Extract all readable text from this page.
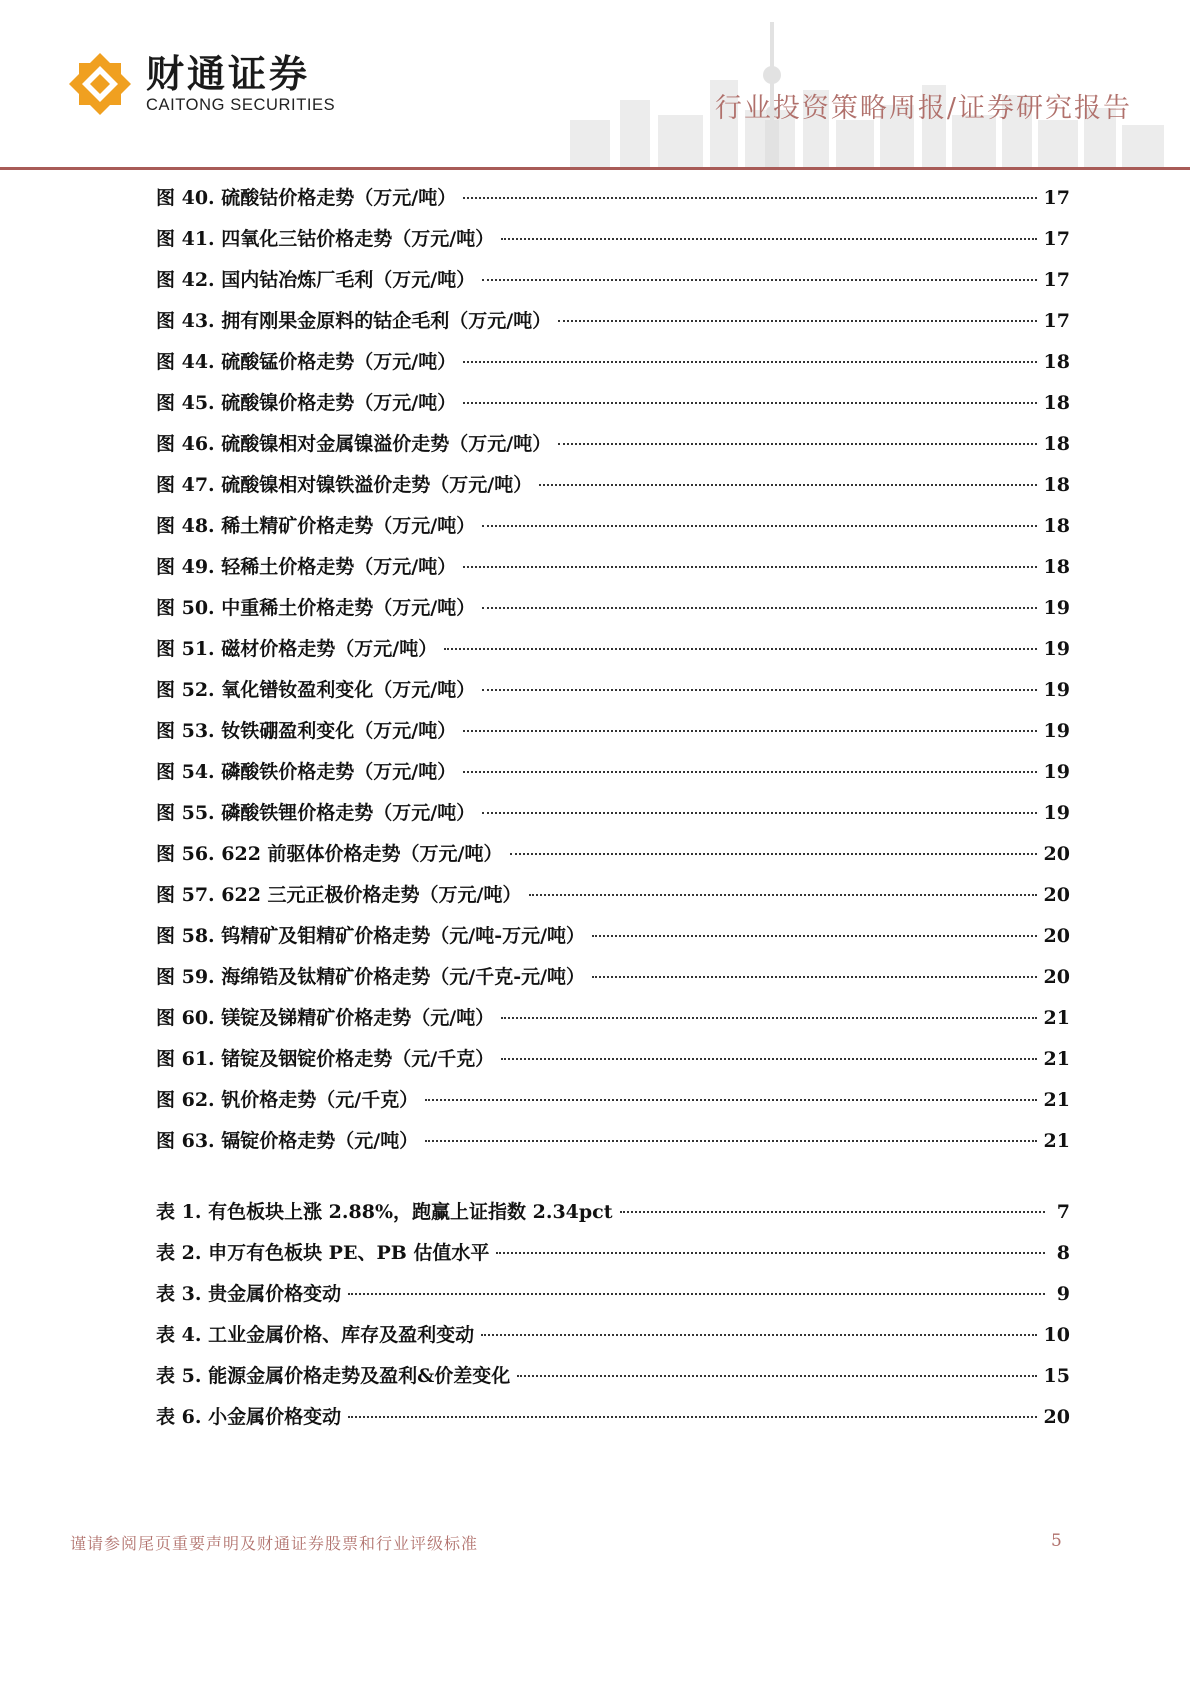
财通证券
CAITONG SECURITIES	行业投资策略周报/证券研究报告
图 40. 硫酸钴价格走势（万元/吨）	17
图 41. 四氧化三钴价格走势（万元/吨）	17
图 42. 国内钴冶炼厂毛利（万元/吨）	17
图 43. 拥有刚果金原料的钴企毛利（万元/吨）	17
图 44. 硫酸锰价格走势（万元/吨）	18
图 45. 硫酸镍价格走势（万元/吨）	18
图 46. 硫酸镍相对金属镍溢价走势（万元/吨）	18
图 47. 硫酸镍相对镍铁溢价走势（万元/吨）	18
图 48. 稀土精矿价格走势（万元/吨）	18
图 49. 轻稀土价格走势（万元/吨）	18
图 50. 中重稀土价格走势（万元/吨）	19
图 51. 磁材价格走势（万元/吨）	19
图 52. 氧化镨钕盈利变化（万元/吨）	19
图 53. 钕铁硼盈利变化（万元/吨）	19
图 54. 磷酸铁价格走势（万元/吨）	19
图 55. 磷酸铁锂价格走势（万元/吨）	19
图 56. 622 前驱体价格走势（万元/吨）	20
图 57. 622 三元正极价格走势（万元/吨）	20
图 58. 钨精矿及钼精矿价格走势（元/吨-万元/吨）	20
图 59. 海绵锆及钛精矿价格走势（元/千克-元/吨）	20
图 60. 镁锭及锑精矿价格走势（元/吨）	21
图 61. 锗锭及铟锭价格走势（元/千克）	21
图 62. 钒价格走势（元/千克）	21
图 63. 镉锭价格走势（元/吨）	21
表 1. 有色板块上涨 2.88%，跑赢上证指数 2.34pct	7
表 2. 申万有色板块 PE、PB 估值水平	8
表 3. 贵金属价格变动	9
表 4. 工业金属价格、库存及盈利变动	10
表 5. 能源金属价格走势及盈利&价差变化	15
表 6. 小金属价格变动	20
谨请参阅尾页重要声明及财通证券股票和行业评级标准	5
